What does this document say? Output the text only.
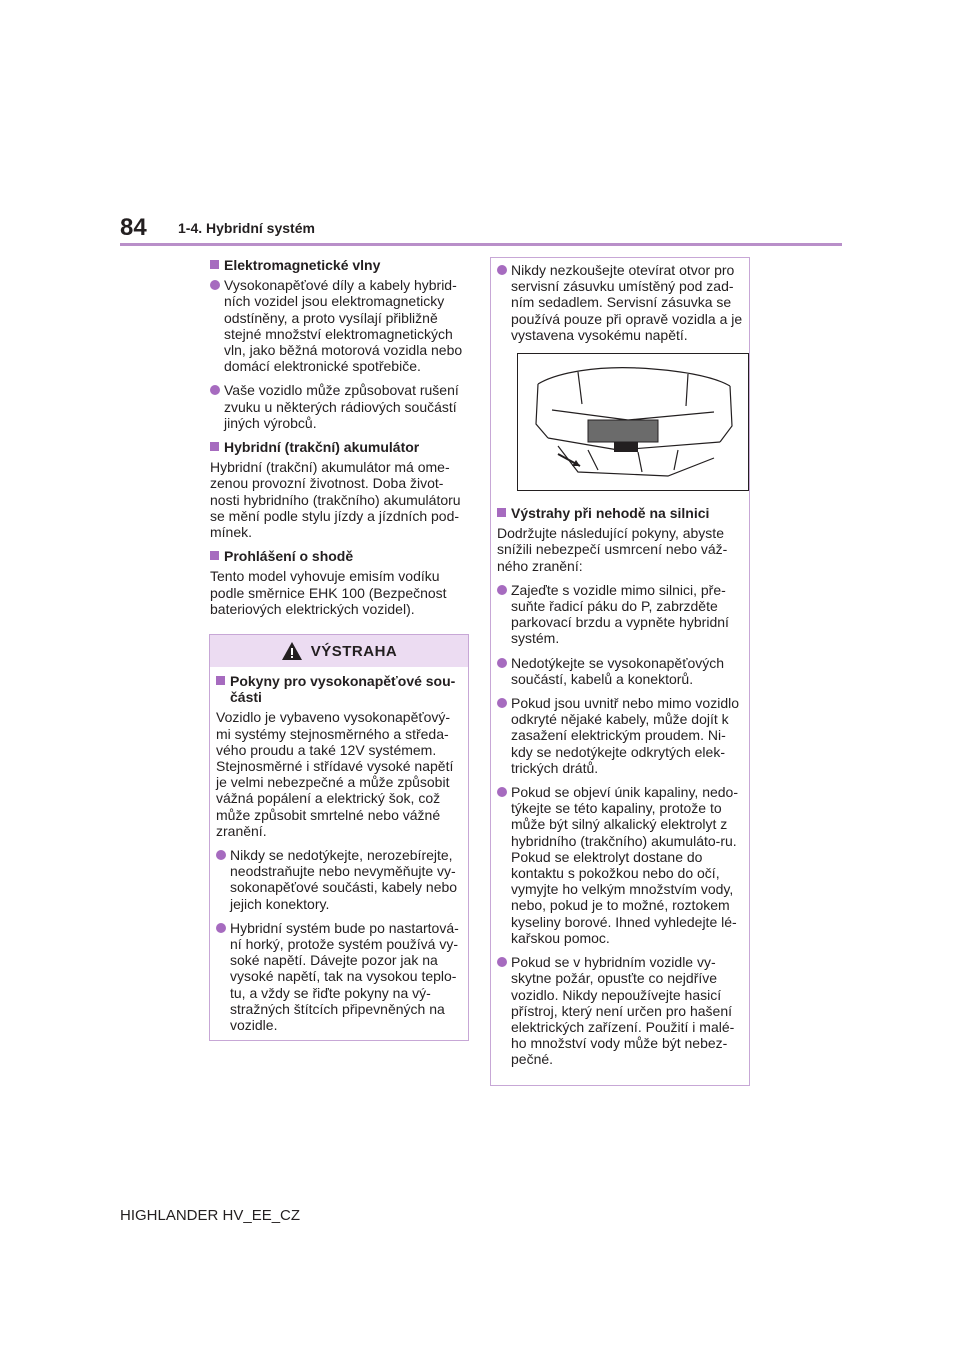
84 1-4. Hybridní systém
Elektromagnetické vlny
Vysokonapěťové díly a kabely hybrid-ních vozidel jsou elektromagneticky odstíněny, a proto vysílají přibližně stejné množství elektromagnetických vln, jako běžná motorová vozidla nebo domácí elektronické spotřebiče.
Vaše vozidlo může způsobovat rušení zvuku u některých rádiových součástí jiných výrobců.
Hybridní (trakční) akumulátor
Hybridní (trakční) akumulátor má ome-zenou provozní životnost. Doba život-nosti hybridního (trakčního) akumulátoru se mění podle stylu jízdy a jízdních pod-mínek.
Prohlášení o shodě
Tento model vyhovuje emisím vodíku podle směrnice EHK 100 (Bezpečnost bateriových elektrických vozidel).
VÝSTRAHA
Pokyny pro vysokonapěťové sou-části
Vozidlo je vybaveno vysokonapěťový-mi systémy stejnosměrného a středa-vého proudu a také 12V systémem. Stejnosměrné i střídavé vysoké napětí je velmi nebezpečné a může způsobit vážná popálení a elektrický šok, což může způsobit smrtelné nebo vážné zranění.
Nikdy se nedotýkejte, nerozebírejte, neodstraňujte nebo nevyměňujte vy-sokonapěťové součásti, kabely nebo jejich konektory.
Hybridní systém bude po nastartová-ní horký, protože systém používá vy-soké napětí. Dávejte pozor jak na vysoké napětí, tak na vysokou teplo-tu, a vždy se řiďte pokyny na vý-stražných štítcích připevněných na vozidle.
Nikdy nezkoušejte otevírat otvor pro servisní zásuvku umístěný pod zad-ním sedadlem. Servisní zásuvka se používá pouze při opravě vozidla a je vystavena vysokému napětí.
Výstrahy při nehodě na silnici
Dodržujte následující pokyny, abyste snížili nebezpečí usmrcení nebo váž-ného zranění:
Zajeďte s vozidle mimo silnici, pře-suňte řadicí páku do P, zabrzděte parkovací brzdu a vypněte hybridní systém.
Nedotýkejte se vysokonapěťových součástí, kabelů a konektorů.
Pokud jsou uvnitř nebo mimo vozidlo odkryté nějaké kabely, může dojít k zasažení elektrickým proudem. Ni-kdy se nedotýkejte odkrytých elek-trických drátů.
Pokud se objeví únik kapaliny, nedo-týkejte se této kapaliny, protože to může být silný alkalický elektrolyt z hybridního (trakčního) akumuláto-ru. Pokud se elektrolyt dostane do kontaktu s pokožkou nebo do očí, vymyjte ho velkým množstvím vody, nebo, pokud je to možné, roztokem kyseliny borové. Ihned vyhledejte lé-kařskou pomoc.
Pokud se v hybridním vozidle vy-skytne požár, opusťte co nejdříve vozidlo. Nikdy nepoužívejte hasicí přístroj, který není určen pro hašení elektrických zařízení. Použití i malé-ho množství vody může být nebez-pečné.
HIGHLANDER HV_EE_CZ
